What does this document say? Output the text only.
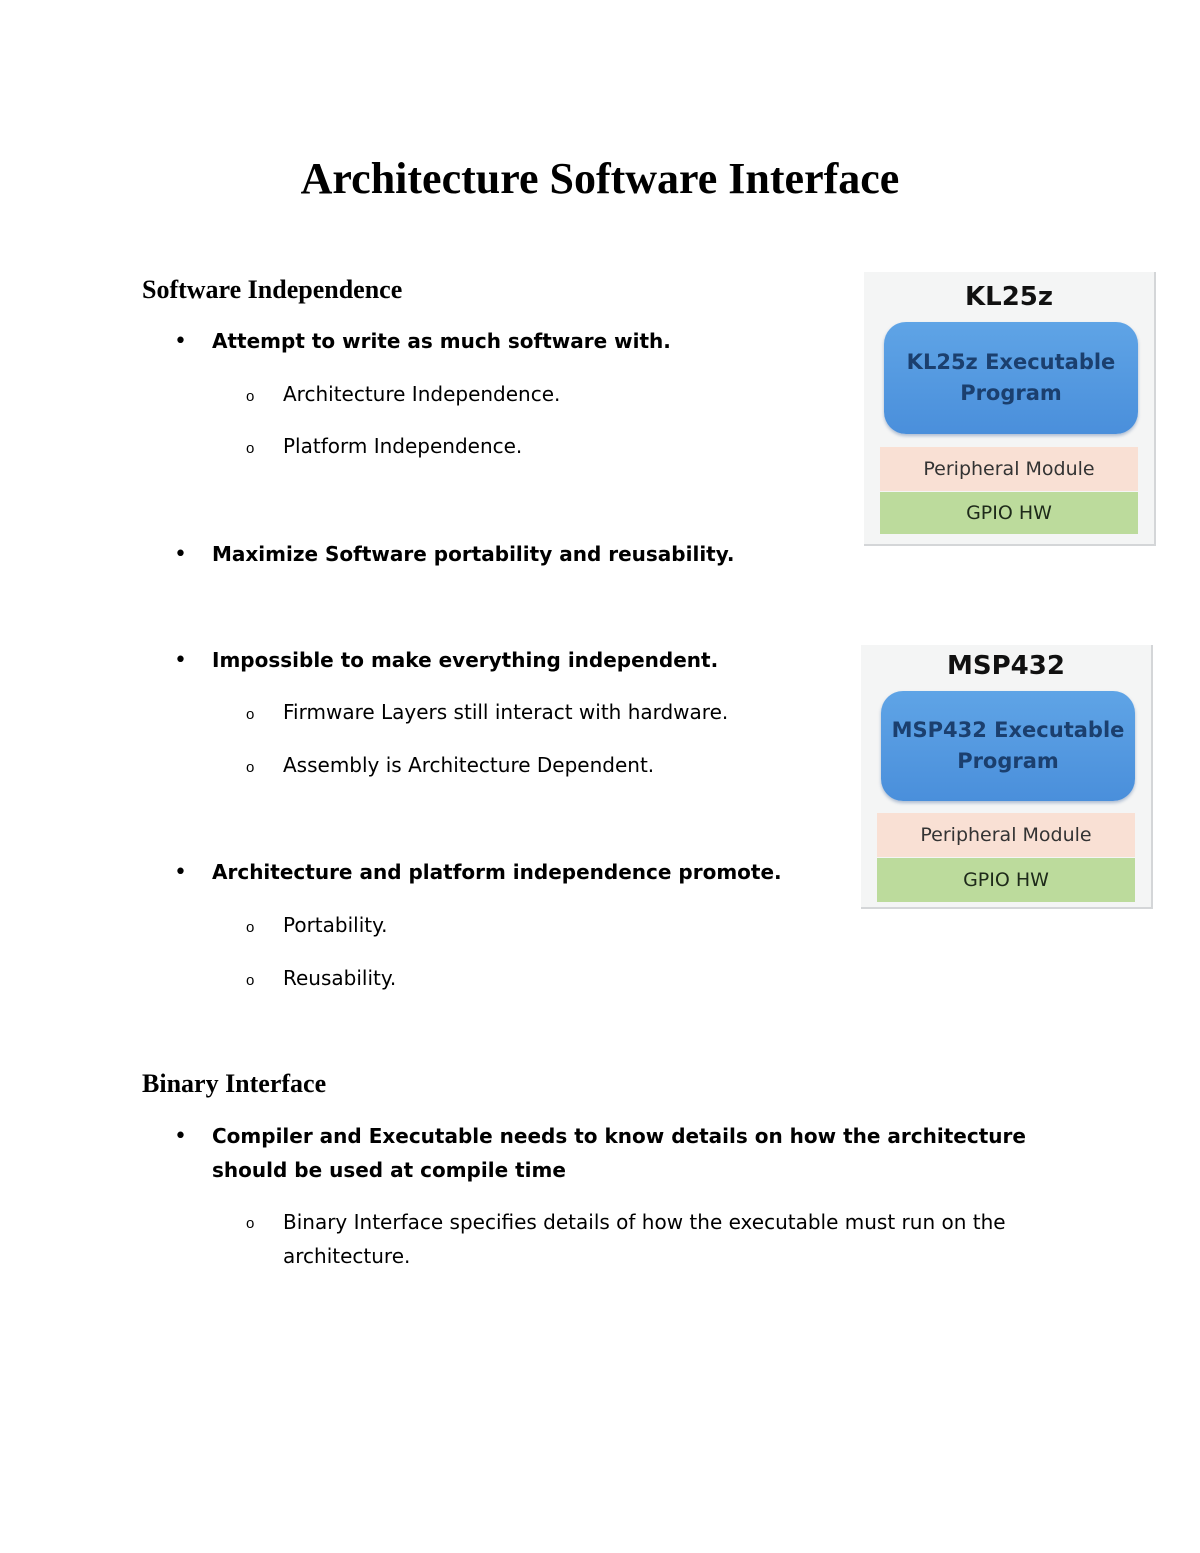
Architecture Software Interface
Software Independence
• Attempt to write as much software with.
o Architecture Independence.
o Platform Independence.
• Maximize Software portability and reusability.
• Impossible to make everything independent.
o Firmware Layers still interact with hardware.
o Assembly is Architecture Dependent.
• Architecture and platform independence promote.
o Portability.
o Reusability.
Binary Interface
• Compiler and Executable needs to know details on how the architecture should be used at compile time
o Binary Interface specifies details of how the executable must run on the architecture.
KL25z
KL25z Executable Program
Peripheral Module
GPIO HW
MSP432
MSP432 Executable Program
Peripheral Module
GPIO HW
